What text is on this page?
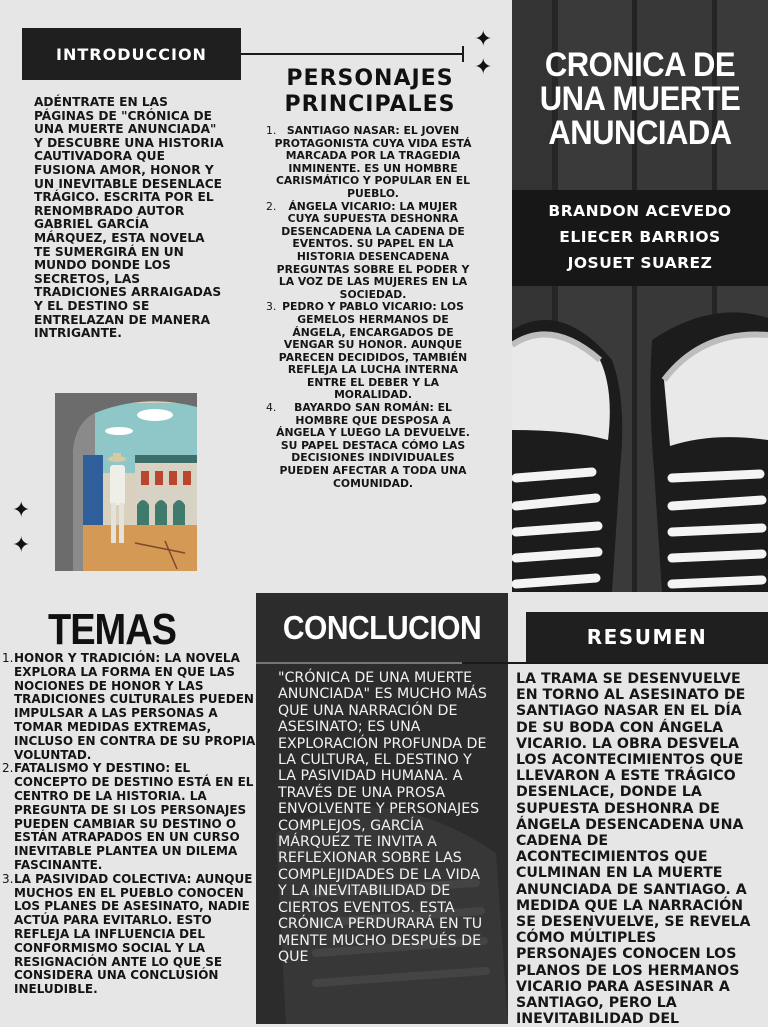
INTRODUCCION
✦
✦
ADÉNTRATE EN LAS PÁGINAS DE "CRÓNICA DE UNA MUERTE ANUNCIADA" Y DESCUBRE UNA HISTORIA CAUTIVADORA QUE FUSIONA AMOR, HONOR Y UN INEVITABLE DESENLACE TRÁGICO. ESCRITA POR EL RENOMBRADO AUTOR GABRIEL GARCÍA MÁRQUEZ, ESTA NOVELA TE SUMERGIRÁ EN UN MUNDO DONDE LOS SECRETOS, LAS TRADICIONES ARRAIGADAS Y EL DESTINO SE ENTRELAZAN DE MANERA INTRIGANTE.
✦
✦
PERSONAJES PRINCIPALES
1. SANTIAGO NASAR: EL JOVEN PROTAGONISTA CUYA VIDA ESTÁ MARCADA POR LA TRAGEDIA INMINENTE. ES UN HOMBRE CARISMÁTICO Y POPULAR EN EL PUEBLO.
2. ÁNGELA VICARIO: LA MUJER CUYA SUPUESTA DESHONRA DESENCADENA LA CADENA DE EVENTOS. SU PAPEL EN LA HISTORIA DESENCADENA PREGUNTAS SOBRE EL PODER Y LA VOZ DE LAS MUJERES EN LA SOCIEDAD.
3. PEDRO Y PABLO VICARIO: LOS GEMELOS HERMANOS DE ÁNGELA, ENCARGADOS DE VENGAR SU HONOR. AUNQUE PARECEN DECIDIDOS, TAMBIÉN REFLEJA LA LUCHA INTERNA ENTRE EL DEBER Y LA MORALIDAD.
4. BAYARDO SAN ROMÁN: EL HOMBRE QUE DESPOSA A ÁNGELA Y LUEGO LA DEVUELVE. SU PAPEL DESTACA CÓMO LAS DECISIONES INDIVIDUALES PUEDEN AFECTAR A TODA UNA COMUNIDAD.
CRONICA DE UNA MUERTE ANUNCIADA
BRANDON ACEVEDO
ELIECER BARRIOS
JOSUET SUAREZ
TEMAS
1. HONOR Y TRADICIÓN: LA NOVELA EXPLORA LA FORMA EN QUE LAS NOCIONES DE HONOR Y LAS TRADICIONES CULTURALES PUEDEN IMPULSAR A LAS PERSONAS A TOMAR MEDIDAS EXTREMAS, INCLUSO EN CONTRA DE SU PROPIA VOLUNTAD.
2. FATALISMO Y DESTINO: EL CONCEPTO DE DESTINO ESTÁ EN EL CENTRO DE LA HISTORIA. LA PREGUNTA DE SI LOS PERSONAJES PUEDEN CAMBIAR SU DESTINO O ESTÁN ATRAPADOS EN UN CURSO INEVITABLE PLANTEA UN DILEMA FASCINANTE.
3. LA PASIVIDAD COLECTIVA: AUNQUE MUCHOS EN EL PUEBLO CONOCEN LOS PLANES DE ASESINATO, NADIE ACTÚA PARA EVITARLO. ESTO REFLEJA LA INFLUENCIA DEL CONFORMISMO SOCIAL Y LA RESIGNACIÓN ANTE LO QUE SE CONSIDERA UNA CONCLUSIÓN INELUDIBLE.
CONCLUCION
"CRÓNICA DE UNA MUERTE ANUNCIADA" ES MUCHO MÁS QUE UNA NARRACIÓN DE ASESINATO; ES UNA EXPLORACIÓN PROFUNDA DE LA CULTURA, EL DESTINO Y LA PASIVIDAD HUMANA. A TRAVÉS DE UNA PROSA ENVOLVENTE Y PERSONAJES COMPLEJOS, GARCÍA MÁRQUEZ TE INVITA A REFLEXIONAR SOBRE LAS COMPLEJIDADES DE LA VIDA Y LA INEVITABILIDAD DE CIERTOS EVENTOS. ESTA CRÓNICA PERDURARÁ EN TU MENTE MUCHO DESPUÉS DE QUE
RESUMEN
LA TRAMA SE DESENVUELVE EN TORNO AL ASESINATO DE SANTIAGO NASAR EN EL DÍA DE SU BODA CON ÁNGELA VICARIO. LA OBRA DESVELA LOS ACONTECIMIENTOS QUE LLEVARON A ESTE TRÁGICO DESENLACE, DONDE LA SUPUESTA DESHONRA DE ÁNGELA DESENCADENA UNA CADENA DE ACONTECIMIENTOS QUE CULMINAN EN LA MUERTE ANUNCIADA DE SANTIAGO. A MEDIDA QUE LA NARRACIÓN SE DESENVUELVE, SE REVELA CÓMO MÚLTIPLES PERSONAJES CONOCEN LOS PLANOS DE LOS HERMANOS VICARIO PARA ASESINAR A SANTIAGO, PERO LA INEVITABILIDAD DEL
